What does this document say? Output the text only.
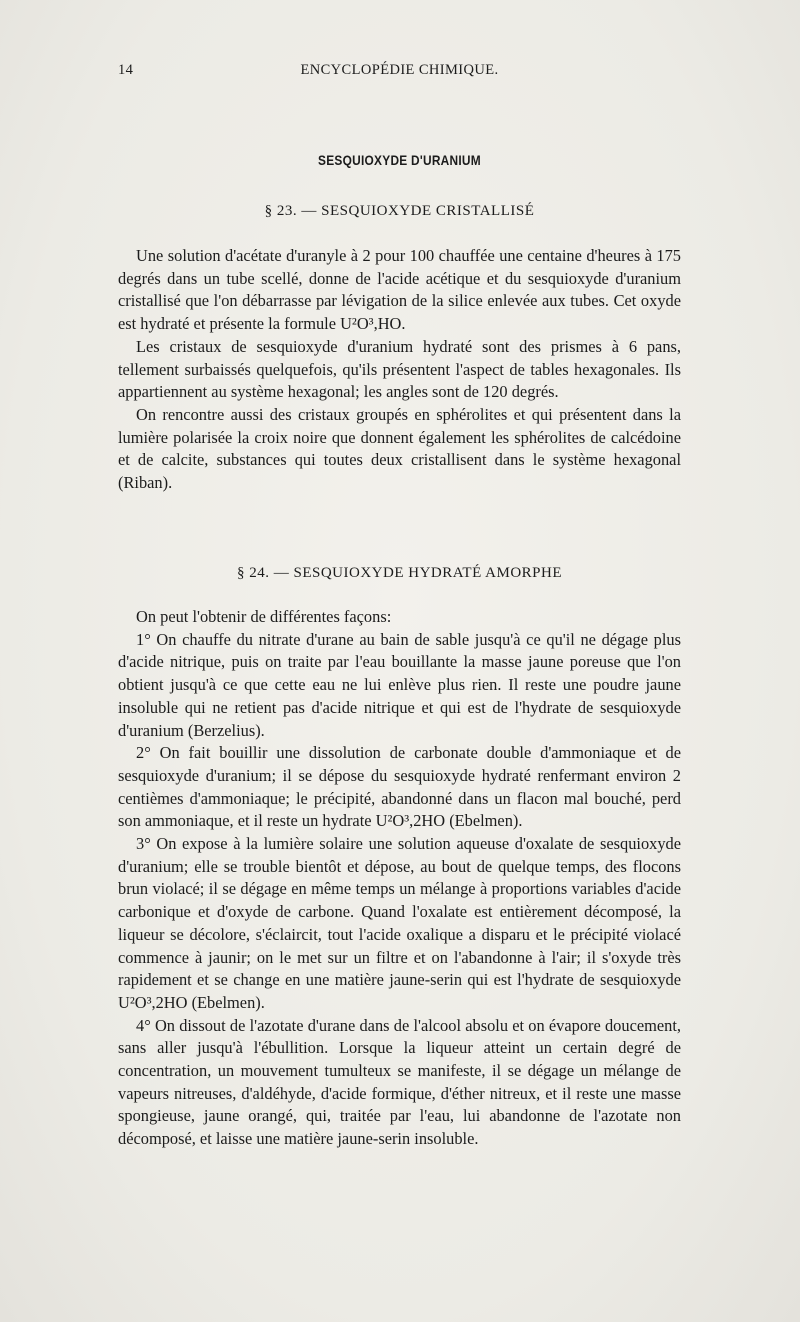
14	ENCYCLOPÉDIE CHIMIQUE.
SESQUIOXYDE D'URANIUM
§ 23. — SESQUIOXYDE CRISTALLISÉ

Une solution d'acétate d'uranyle à 2 pour 100 chauffée une centaine d'heures à 175 degrés dans un tube scellé, donne de l'acide acétique et du sesquioxyde d'uranium cristallisé que l'on débarrasse par lévigation de la silice enlevée aux tubes. Cet oxyde est hydraté et présente la formule U²O³,HO.

Les cristaux de sesquioxyde d'uranium hydraté sont des prismes à 6 pans, tellement surbaissés quelquefois, qu'ils présentent l'aspect de tables hexagonales. Ils appartiennent au système hexagonal; les angles sont de 120 degrés.

On rencontre aussi des cristaux groupés en sphérolites et qui présentent dans la lumière polarisée la croix noire que donnent également les sphérolites de calcédoine et de calcite, substances qui toutes deux cristallisent dans le système hexagonal (Riban).

§ 24. — SESQUIOXYDE HYDRATÉ AMORPHE

On peut l'obtenir de différentes façons:

1° On chauffe du nitrate d'urane au bain de sable jusqu'à ce qu'il ne dégage plus d'acide nitrique, puis on traite par l'eau bouillante la masse jaune poreuse que l'on obtient jusqu'à ce que cette eau ne lui enlève plus rien. Il reste une poudre jaune insoluble qui ne retient pas d'acide nitrique et qui est de l'hydrate de sesquioxyde d'uranium (Berzelius).

2° On fait bouillir une dissolution de carbonate double d'ammoniaque et de sesquioxyde d'uranium; il se dépose du sesquioxyde hydraté renfermant environ 2 centièmes d'ammoniaque; le précipité, abandonné dans un flacon mal bouché, perd son ammoniaque, et il reste un hydrate U²O³,2HO (Ebelmen).

3° On expose à la lumière solaire une solution aqueuse d'oxalate de sesquioxyde d'uranium; elle se trouble bientôt et dépose, au bout de quelque temps, des flocons brun violacé; il se dégage en même temps un mélange à proportions variables d'acide carbonique et d'oxyde de carbone. Quand l'oxalate est entièrement décomposé, la liqueur se décolore, s'éclaircit, tout l'acide oxalique a disparu et le précipité violacé commence à jaunir; on le met sur un filtre et on l'abandonne à l'air; il s'oxyde très rapidement et se change en une matière jaune-serin qui est l'hydrate de sesquioxyde U²O³,2HO (Ebelmen).

4° On dissout de l'azotate d'urane dans de l'alcool absolu et on évapore doucement, sans aller jusqu'à l'ébullition. Lorsque la liqueur atteint un certain degré de concentration, un mouvement tumulteux se manifeste, il se dégage un mélange de vapeurs nitreuses, d'aldéhyde, d'acide formique, d'éther nitreux, et il reste une masse spongieuse, jaune orangé, qui, traitée par l'eau, lui abandonne de l'azotate non décomposé, et laisse une matière jaune-serin insoluble.
